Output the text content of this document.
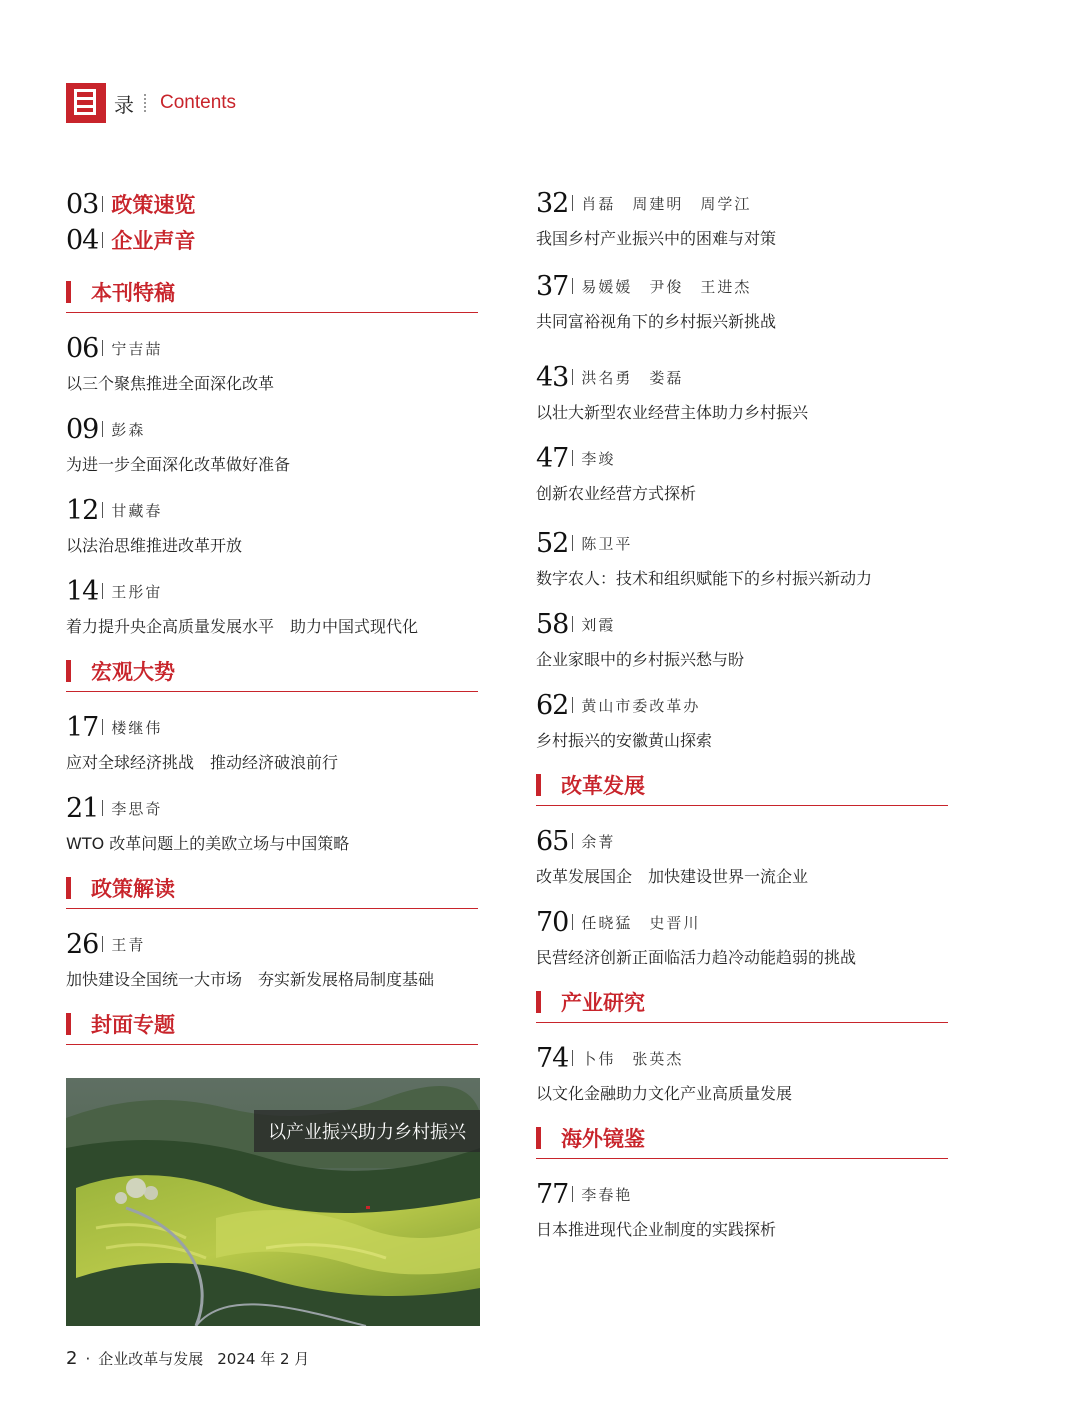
录 Contents
03 政策速览
04 企业声音
本刊特稿
06 宁吉喆
以三个聚焦推进全面深化改革
09 彭森
为进一步全面深化改革做好准备
12 甘藏春
以法治思维推进改革开放
14 王彤宙
着力提升央企高质量发展水平　助力中国式现代化
宏观大势
17 楼继伟
应对全球经济挑战　推动经济破浪前行
21 李思奇
WTO 改革问题上的美欧立场与中国策略
政策解读
26 王青
加快建设全国统一大市场　夯实新发展格局制度基础
封面专题
以产业振兴助力乡村振兴
32 肖磊　周建明　周学江
我国乡村产业振兴中的困难与对策
37 易媛媛　尹俊　王进杰
共同富裕视角下的乡村振兴新挑战
43 洪名勇　娄磊
以壮大新型农业经营主体助力乡村振兴
47 李竣
创新农业经营方式探析
52 陈卫平
数字农人：技术和组织赋能下的乡村振兴新动力
58 刘霞
企业家眼中的乡村振兴愁与盼
62 黄山市委改革办
乡村振兴的安徽黄山探索
改革发展
65 余菁
改革发展国企　加快建设世界一流企业
70 任晓猛　史晋川
民营经济创新正面临活力趋冷动能趋弱的挑战
产业研究
74 卜伟　张英杰
以文化金融助力文化产业高质量发展
海外镜鉴
77 李春艳
日本推进现代企业制度的实践探析
2 · 企业改革与发展 2024 年 2 月
